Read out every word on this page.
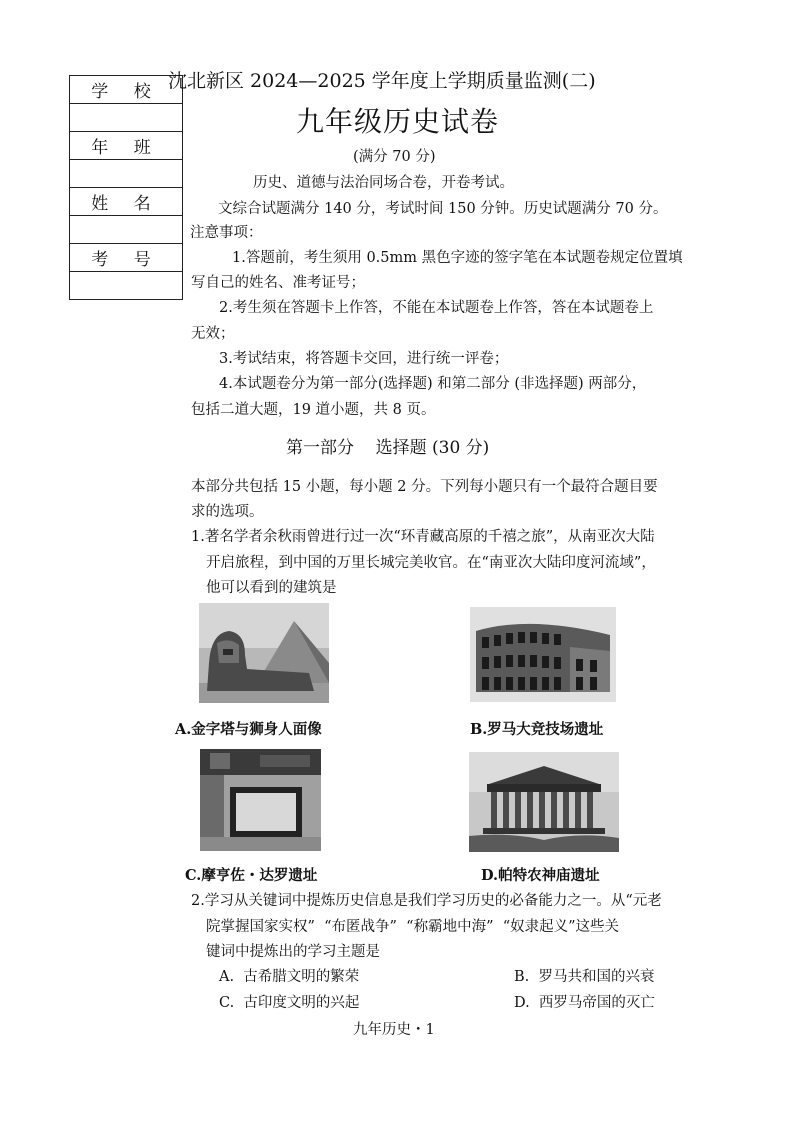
学 校

年 班

姓 名

考 号

沈北新区 2024—2025 学年度上学期质量监测(二)
九年级历史试卷
(满分 70 分)
历史、道德与法治同场合卷，开卷考试。
文综合试题满分 140 分，考试时间 150 分钟。历史试题满分 70 分。
注意事项：
1.答题前，考生须用 0.5mm 黑色字迹的签字笔在本试题卷规定位置填
写自己的姓名、准考证号；
2.考生须在答题卡上作答，不能在本试题卷上作答，答在本试题卷上
无效；
3.考试结束，将答题卡交回，进行统一评卷；
4.本试题卷分为第一部分(选择题) 和第二部分 (非选择题) 两部分，
包括二道大题，19 道小题，共 8 页。
第一部分    选择题 (30 分)
本部分共包括 15 小题，每小题 2 分。下列每小题只有一个最符合题目要
求的选项。
1.著名学者余秋雨曾进行过一次“环青藏高原的千禧之旅”，从南亚次大陆
开启旅程，到中国的万里长城完美收官。在“南亚次大陆印度河流域”，
他可以看到的建筑是
A.金字塔与狮身人面像	B.罗马大竞技场遗址
C.摩亨佐・达罗遗址	D.帕特农神庙遗址
2.学习从关键词中提炼历史信息是我们学习历史的必备能力之一。从“元老
院掌握国家实权”  “布匿战争”  “称霸地中海”  “奴隶起义”这些关
键词中提炼出的学习主题是
A.  古希腊文明的繁荣	B.  罗马共和国的兴衰
C.  古印度文明的兴起	D.  西罗马帝国的灭亡
九年历史・1
